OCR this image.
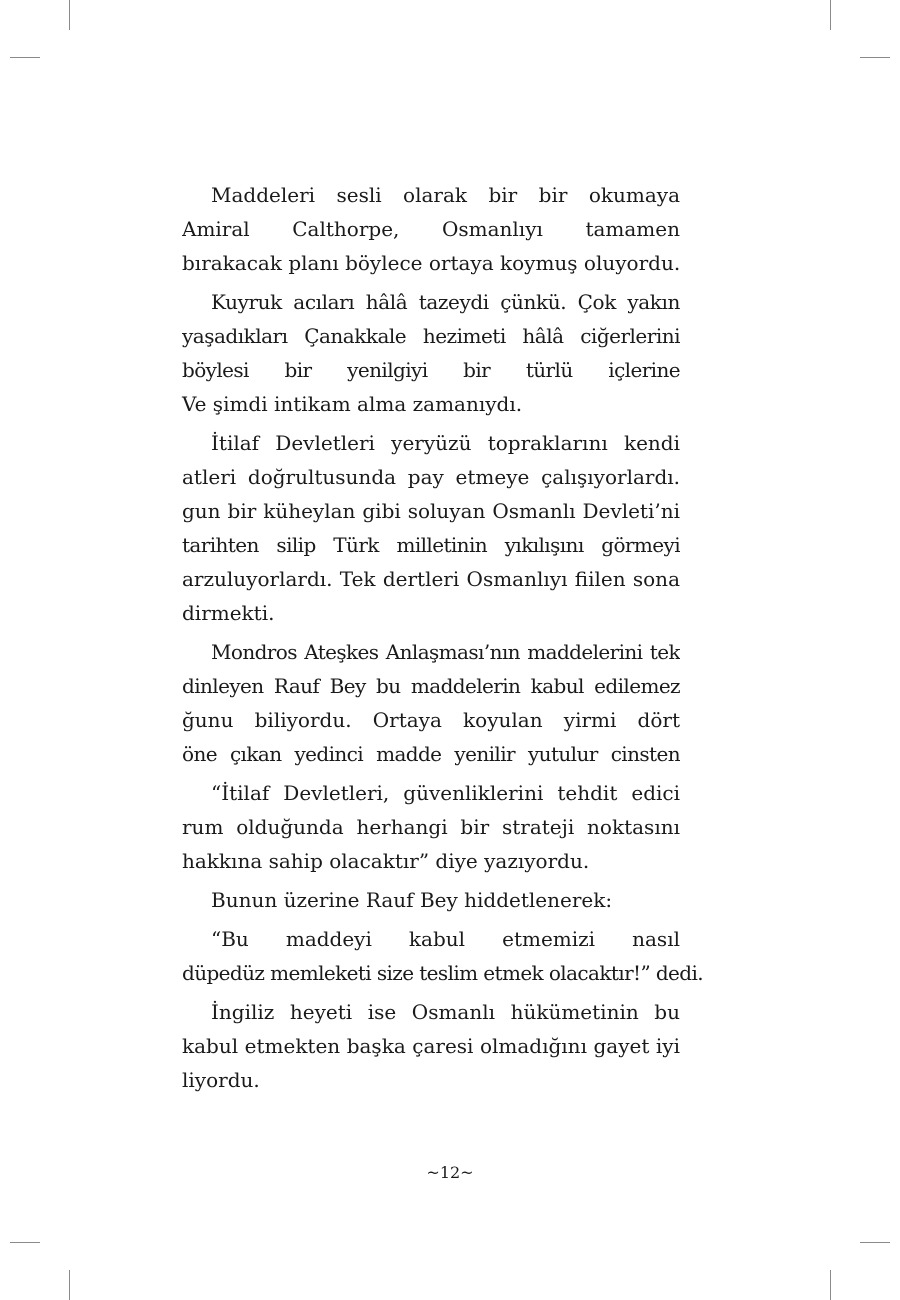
Maddeleri sesli olarak bir bir okumaya
Amiral Calthorpe, Osmanlıyı tamamen
bırakacak planı böylece ortaya koymuş oluyordu.
Kuyruk acıları hâlâ tazeydi çünkü. Çok yakın
yaşadıkları Çanakkale hezimeti hâlâ ciğerlerini
böylesi bir yenilgiyi bir türlü içlerine
Ve şimdi intikam alma zamanıydı.
İtilaf Devletleri yeryüzü topraklarını kendi
atleri doğrultusunda pay etmeye çalışıyorlardı.
gun bir küheylan gibi soluyan Osmanlı Devleti’ni
tarihten silip Türk milletinin yıkılışını görmeyi
arzuluyorlardı. Tek dertleri Osmanlıyı fiilen sona
dirmekti.
Mondros Ateşkes Anlaşması’nın maddelerini tek
dinleyen Rauf Bey bu maddelerin kabul edilemez
ğunu biliyordu. Ortaya koyulan yirmi dört
öne çıkan yedinci madde yenilir yutulur cinsten
“İtilaf Devletleri, güvenliklerini tehdit edici
rum olduğunda herhangi bir strateji noktasını
hakkına sahip olacaktır” diye yazıyordu.
Bunun üzerine Rauf Bey hiddetlenerek:
“Bu maddeyi kabul etmemizi nasıl
düpedüz memleketi size teslim etmek olacaktır!” dedi.
İngiliz heyeti ise Osmanlı hükümetinin bu
kabul etmekten başka çaresi olmadığını gayet iyi
liyordu.
~12~
